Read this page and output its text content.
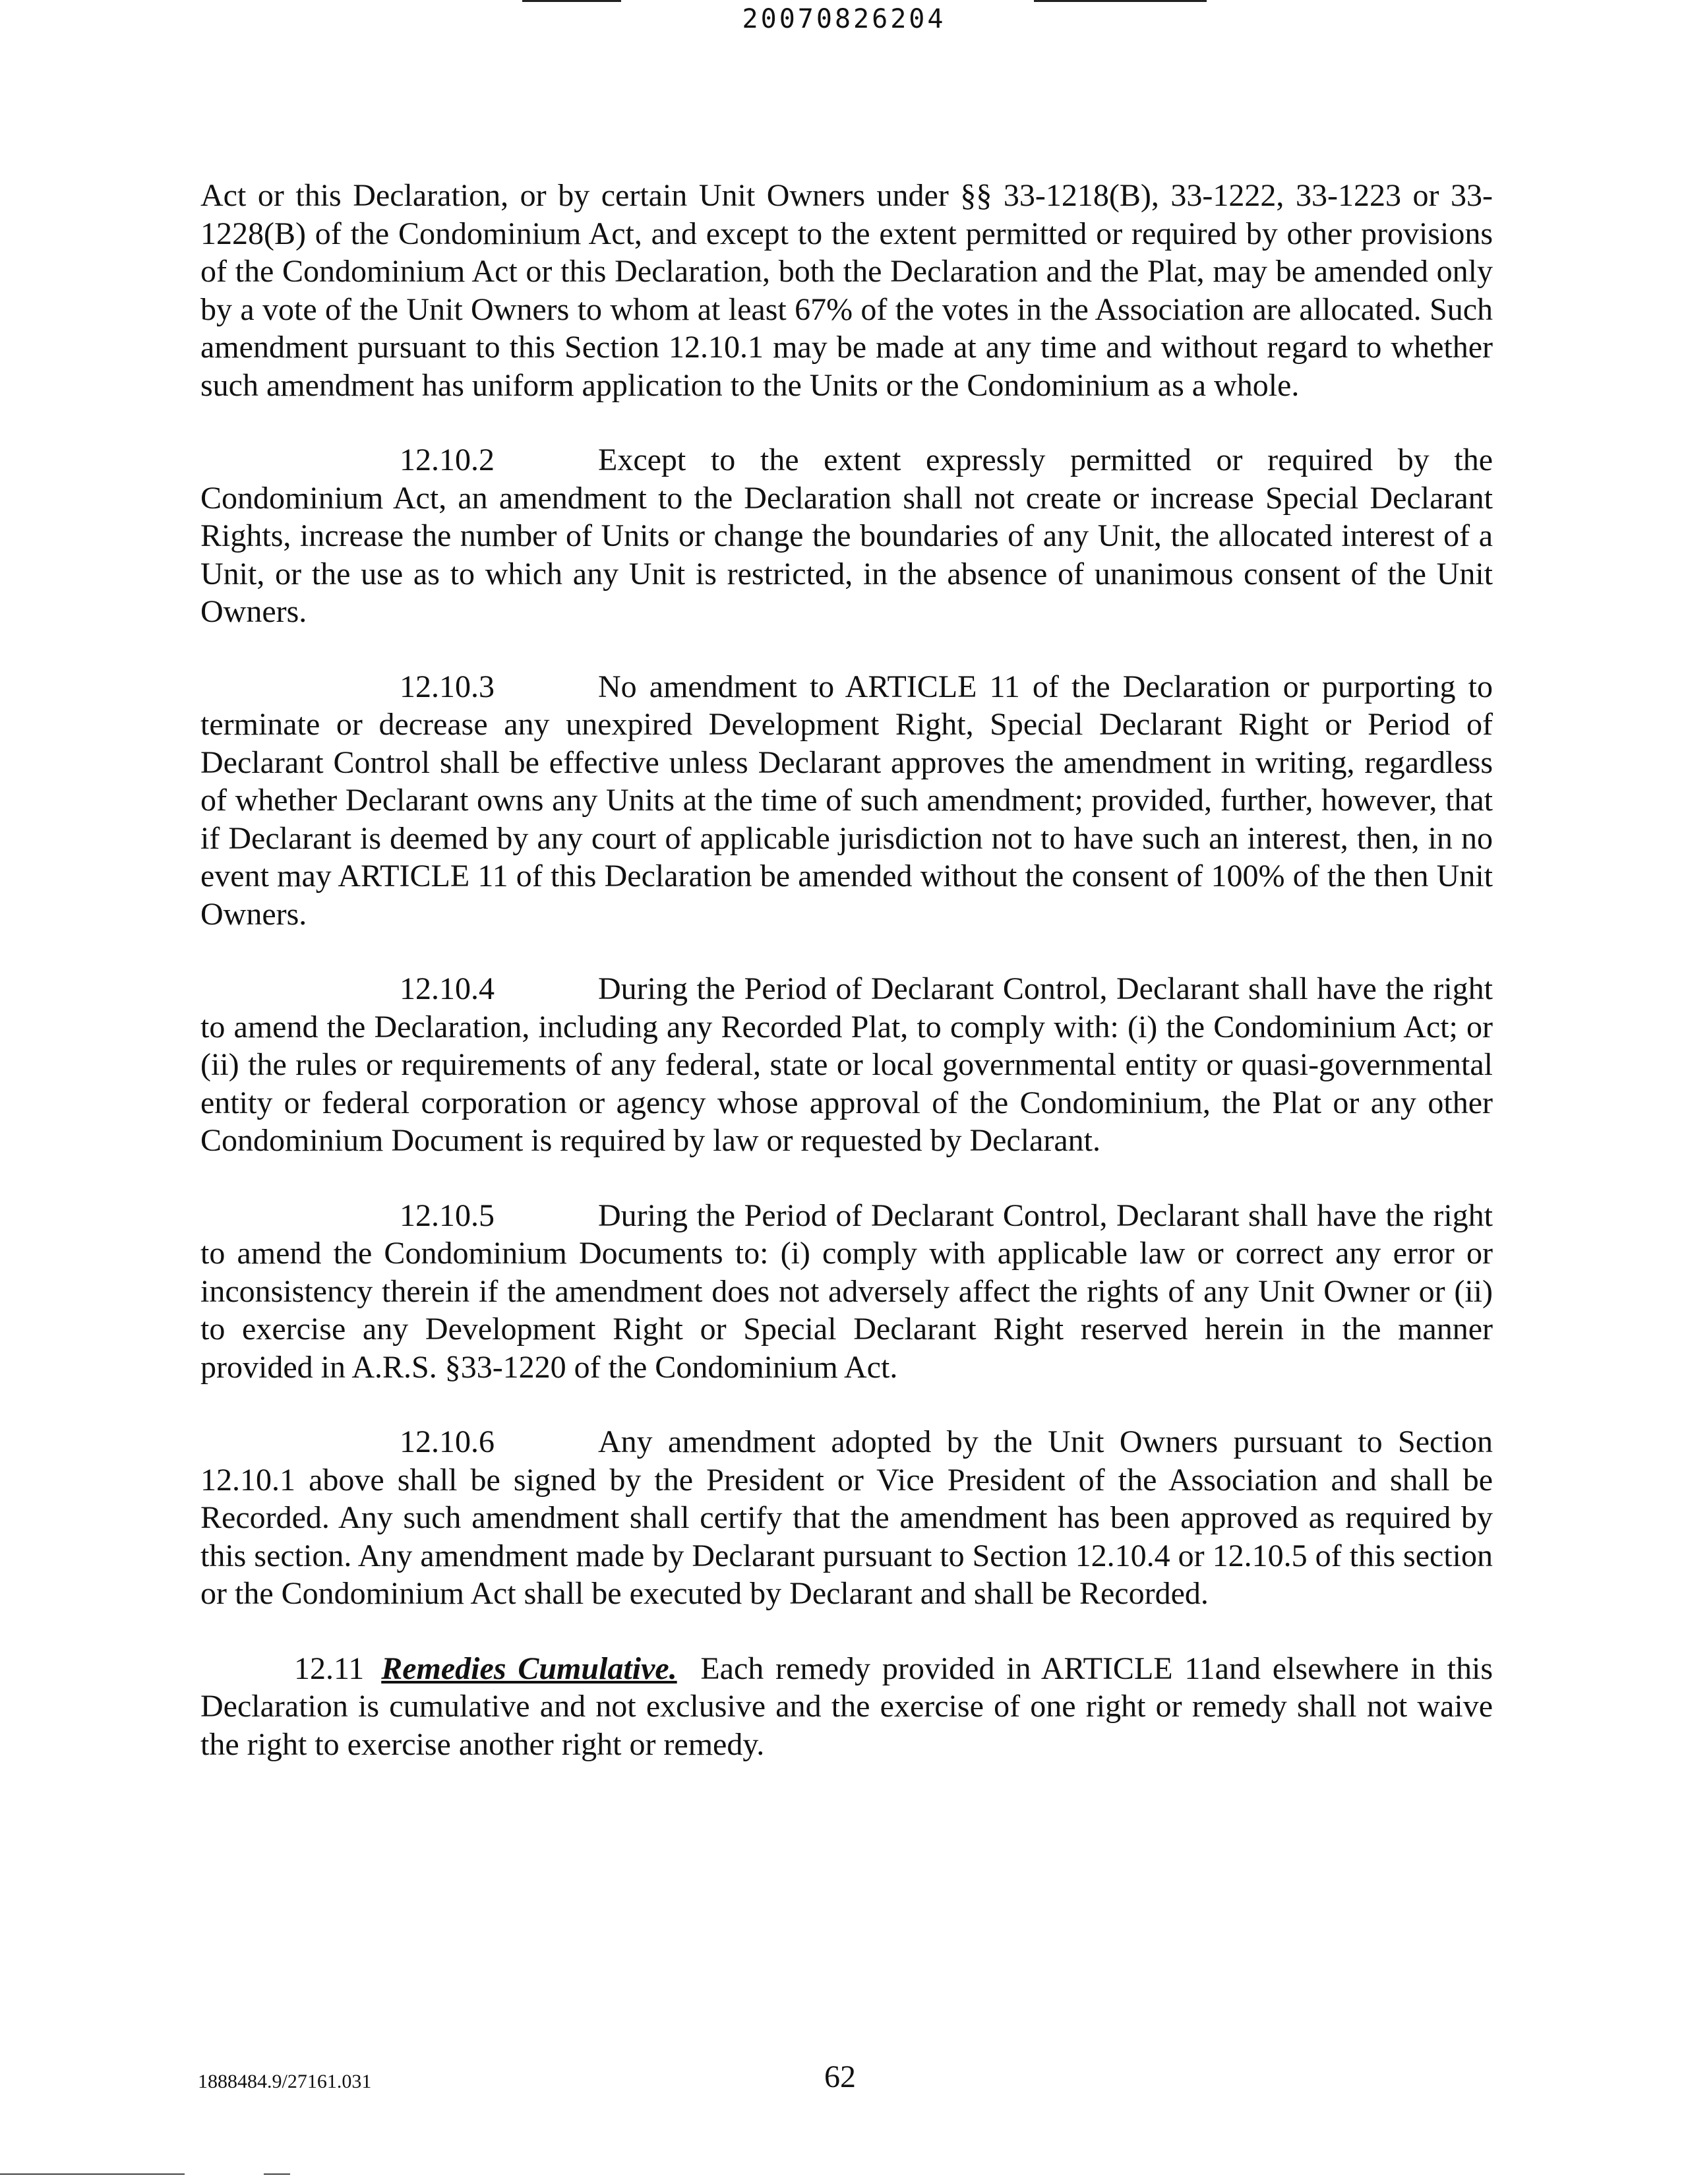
20070826204

Act or this Declaration, or by certain Unit Owners under §§ 33-1218(B), 33-1222, 33-1223 or 33-1228(B) of the Condominium Act, and except to the extent permitted or required by other provisions of the Condominium Act or this Declaration, both the Declaration and the Plat, may be amended only by a vote of the Unit Owners to whom at least 67% of the votes in the Association are allocated. Such amendment pursuant to this Section 12.10.1 may be made at any time and without regard to whether such amendment has uniform application to the Units or the Condominium as a whole.

12.10.2	Except to the extent expressly permitted or required by the Condominium Act, an amendment to the Declaration shall not create or increase Special Declarant Rights, increase the number of Units or change the boundaries of any Unit, the allocated interest of a Unit, or the use as to which any Unit is restricted, in the absence of unanimous consent of the Unit Owners.

12.10.3	No amendment to ARTICLE 11 of the Declaration or purporting to terminate or decrease any unexpired Development Right, Special Declarant Right or Period of Declarant Control shall be effective unless Declarant approves the amendment in writing, regardless of whether Declarant owns any Units at the time of such amendment; provided, further, however, that if Declarant is deemed by any court of applicable jurisdiction not to have such an interest, then, in no event may ARTICLE 11 of this Declaration be amended without the consent of 100% of the then Unit Owners.

12.10.4	During the Period of Declarant Control, Declarant shall have the right to amend the Declaration, including any Recorded Plat, to comply with: (i) the Condominium Act; or (ii) the rules or requirements of any federal, state or local governmental entity or quasi-governmental entity or federal corporation or agency whose approval of the Condominium, the Plat or any other Condominium Document is required by law or requested by Declarant.

12.10.5	During the Period of Declarant Control, Declarant shall have the right to amend the Condominium Documents to: (i) comply with applicable law or correct any error or inconsistency therein if the amendment does not adversely affect the rights of any Unit Owner or (ii) to exercise any Development Right or Special Declarant Right reserved herein in the manner provided in A.R.S. §33-1220 of the Condominium Act.

12.10.6	Any amendment adopted by the Unit Owners pursuant to Section 12.10.1 above shall be signed by the President or Vice President of the Association and shall be Recorded. Any such amendment shall certify that the amendment has been approved as required by this section. Any amendment made by Declarant pursuant to Section 12.10.4 or 12.10.5 of this section or the Condominium Act shall be executed by Declarant and shall be Recorded.

12.11 Remedies Cumulative. Each remedy provided in ARTICLE 11and elsewhere in this Declaration is cumulative and not exclusive and the exercise of one right or remedy shall not waive the right to exercise another right or remedy.

1888484.9/27161.031	62
